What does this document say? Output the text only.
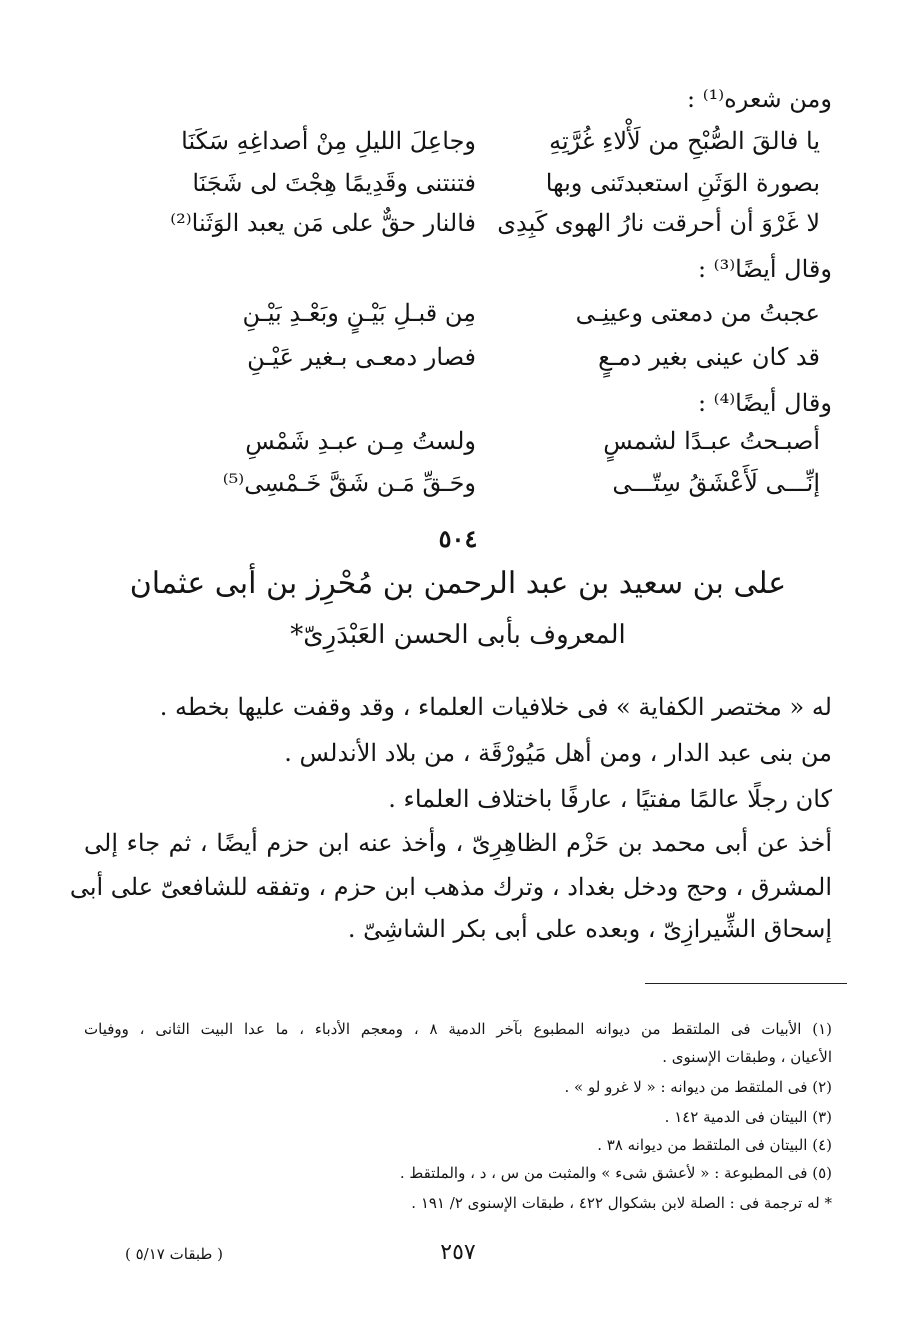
ومن شعره⁽¹⁾ :
يا فالقَ الصُّبْحِ من لَأْلاءِ غُرَّتِهِ
وجاعِلَ الليلِ مِنْ أصداغِهِ سَكَنَا
بصورة الوَثَنِ استعبدتَنى وبها
فتنتنى وقَدِيمًا هِجْتَ لى شَجَنَا
لا غَرْوَ أن أحرقت نارُ الهوى كَبِدِى
فالنار حقٌّ على مَن يعبد الوَثَنا⁽²⁾
وقال أيضًا⁽³⁾ :
عجبتُ من دمعتى وعينِـى
مِن قبـلِ بَيْـنٍ وبَعْـدِ بَيْـنِ
قد كان عينى بغير دمـعٍ
فصار دمعـى بـغير عَيْـنِ
وقال أيضًا⁽⁴⁾ :
أصبـحتُ عبـدًا لشمسٍ
ولستُ مِـن عبـدِ شَمْسِ
إنِّـــى لَأَعْشَقُ سِتّـــى
وحَـقِّ مَـن شَقَّ خَـمْسِى⁽⁵⁾
٥٠٤
على بن سعيد بن عبد الرحمن بن مُحْرِز بن أبى عثمان
المعروف بأبى الحسن العَبْدَرِىّ*
له « مختصر الكفاية » فى خلافيات العلماء ، وقد وقفت عليها بخطه .
من بنى عبد الدار ، ومن أهل مَيُورْقَة ، من بلاد الأندلس .
كان رجلًا عالمًا مفتيًا ، عارفًا باختلاف العلماء .
أخذ عن أبى محمد بن حَزْم الظاهِرِىّ ، وأخذ عنه ابن حزم أيضًا ، ثم جاء إلى
المشرق ، وحج ودخل بغداد ، وترك مذهب ابن حزم ، وتفقه للشافعىّ على أبى
إسحاق الشِّيرازِىّ ، وبعده على أبى بكر الشاشِىّ .
(١) الأبيات فى الملتقط من ديوانه المطبوع بآخر الدمية ٨ ، ومعجم الأدباء ، ما عدا البيت الثانى ، ووفيات
الأعيان ، وطبقات الإسنوى .
(٢) فى الملتقط من ديوانه : « لا غرو لو » .
(٣) البيتان فى الدمية ١٤٢ .
(٤) البيتان فى الملتقط من ديوانه ٣٨ .
(٥) فى المطبوعة : « لأعشق شىء » والمثبت من س ، د ، والملتقط .
* له ترجمة فى : الصلة لابن بشكوال ٤٢٢ ، طبقات الإسنوى ٢/ ١٩١ .
٢٥٧
( طبقات ٥/١٧ )
